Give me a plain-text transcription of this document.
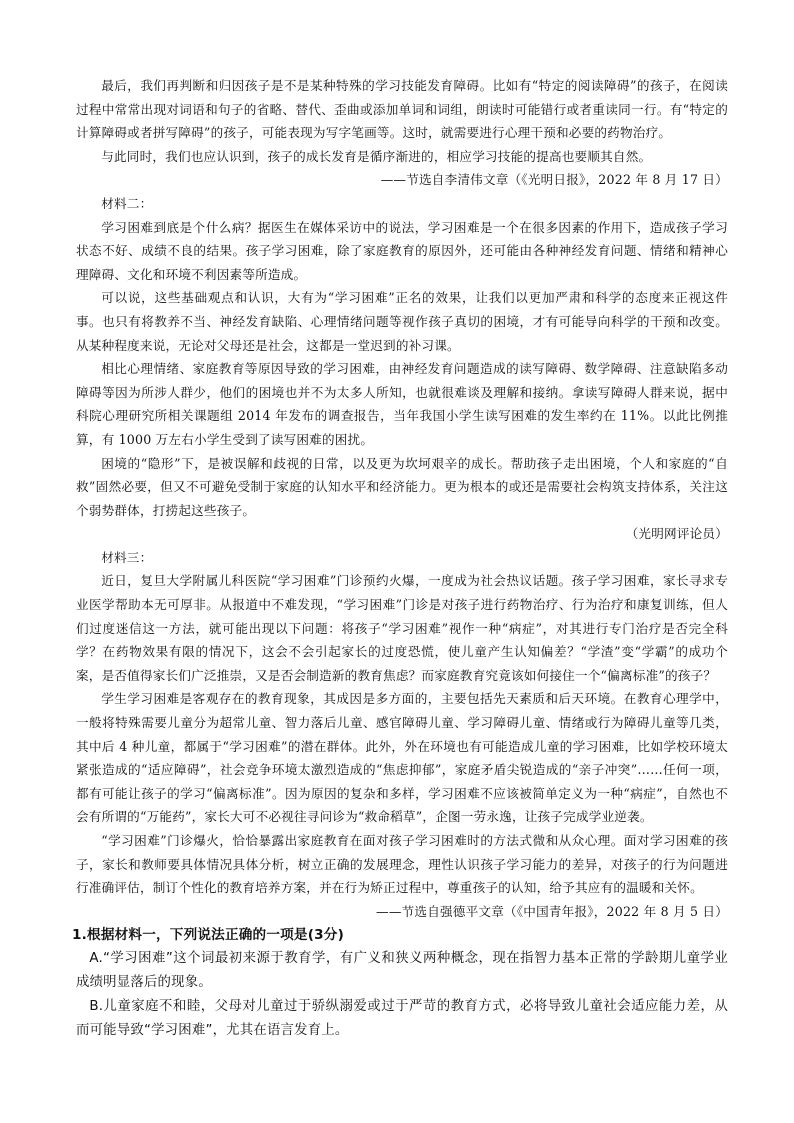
最后，我们再判断和归因孩子是不是某种特殊的学习技能发育障碍。比如有“特定的阅读障碍”的孩子，在阅读过程中常常出现对词语和句子的省略、替代、歪曲或添加单词和词组，朗读时可能错行或者重读同一行。有“特定的计算障碍或者拼写障碍”的孩子，可能表现为写字笔画等。这时，就需要进行心理干预和必要的药物治疗。

与此同时，我们也应认识到，孩子的成长发育是循序渐进的，相应学习技能的提高也要顺其自然。

——节选自李清伟文章（《光明日报》，2022 年 8 月 17 日）

材料二：

学习困难到底是个什么病？据医生在媒体采访中的说法，学习困难是一个在很多因素的作用下，造成孩子学习状态不好、成绩不良的结果。孩子学习困难，除了家庭教育的原因外，还可能由各种神经发育问题、情绪和精神心理障碍、文化和环境不利因素等所造成。

可以说，这些基础观点和认识，大有为“学习困难”正名的效果，让我们以更加严肃和科学的态度来正视这件事。也只有将教养不当、神经发育缺陷、心理情绪问题等视作孩子真切的困境，才有可能导向科学的干预和改变。从某种程度来说，无论对父母还是社会，这都是一堂迟到的补习课。

相比心理情绪、家庭教育等原因导致的学习困难，由神经发育问题造成的读写障碍、数学障碍、注意缺陷多动障碍等因为所涉人群少，他们的困境也并不为太多人所知，也就很难谈及理解和接纳。拿读写障碍人群来说，据中科院心理研究所相关课题组 2014 年发布的调查报告，当年我国小学生读写困难的发生率约在 11%。以此比例推算，有 1000 万左右小学生受到了读写困难的困扰。

困境的“隐形”下，是被误解和歧视的日常，以及更为坎坷艰辛的成长。帮助孩子走出困境，个人和家庭的“自救”固然必要，但又不可避免受制于家庭的认知水平和经济能力。更为根本的或还是需要社会构筑支持体系，关注这个弱势群体，打捞起这些孩子。

（光明网评论员）

材料三：

近日，复旦大学附属儿科医院“学习困难”门诊预约火爆，一度成为社会热议话题。孩子学习困难，家长寻求专业医学帮助本无可厚非。从报道中不难发现，“学习困难”门诊是对孩子进行药物治疗、行为治疗和康复训练，但人们过度迷信这一方法，就可能出现以下问题：将孩子“学习困难”视作一种“病症”，对其进行专门治疗是否完全科学？在药物效果有限的情况下，这会不会引起家长的过度恐慌，使儿童产生认知偏差？“学渣”变“学霸”的成功个案，是否值得家长们广泛推崇，又是否会制造新的教育焦虑？而家庭教育究竟该如何接住一个“偏离标准”的孩子？

学生学习困难是客观存在的教育现象，其成因是多方面的，主要包括先天素质和后天环境。在教育心理学中，一般将特殊需要儿童分为超常儿童、智力落后儿童、感官障碍儿童、学习障碍儿童、情绪或行为障碍儿童等几类，其中后 4 种儿童，都属于“学习困难”的潜在群体。此外，外在环境也有可能造成儿童的学习困难，比如学校环境太紧张造成的“适应障碍”，社会竞争环境太激烈造成的“焦虑抑郁”，家庭矛盾尖锐造成的“亲子冲突”……任何一项，都有可能让孩子的学习“偏离标准”。因为原因的复杂和多样，学习困难不应该被简单定义为一种“病症”，自然也不会有所谓的“万能药”，家长大可不必视往寻问诊为“救命稻草”，企图一劳永逸，让孩子完成学业逆袭。

“学习困难”门诊爆火，恰恰暴露出家庭教育在面对孩子学习困难时的方法式微和从众心理。面对学习困难的孩子，家长和教师要具体情况具体分析，树立正确的发展理念，理性认识孩子学习能力的差异，对孩子的行为问题进行准确评估，制订个性化的教育培养方案，并在行为矫正过程中，尊重孩子的认知，给予其应有的温暖和关怀。

——节选自强德平文章（《中国青年报》，2022 年 8 月 5 日）

1.根据材料一，下列说法正确的一项是(3分)

A.“学习困难”这个词最初来源于教育学，有广义和狭义两种概念，现在指智力基本正常的学龄期儿童学业成绩明显落后的现象。

B.儿童家庭不和睦，父母对儿童过于骄纵溺爱或过于严苛的教育方式，必将导致儿童社会适应能力差，从而可能导致“学习困难”，尤其在语言发育上。
